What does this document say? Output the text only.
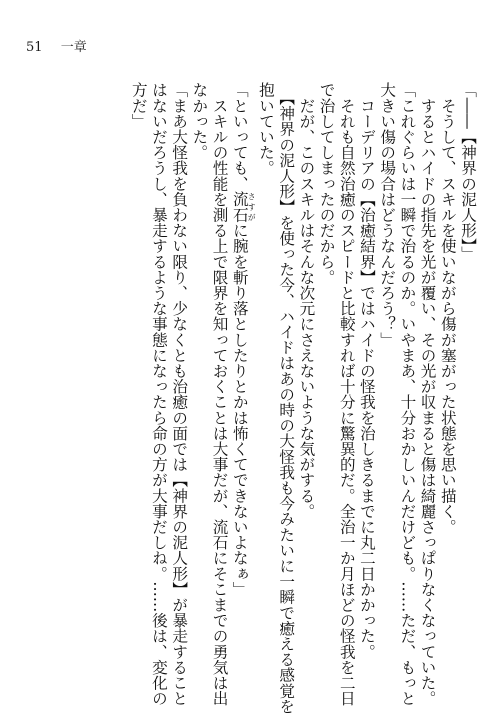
51 一章
「――【神界の泥人形】」
　そうして、スキルを使いながら傷が塞がった状態を思い描く。
　するとハイドの指先を光が覆い、その光が収まると傷は綺麗さっぱりなくなっていた。
「これぐらいは一瞬で治るのか。いやまあ、十分おかしいんだけども。……ただ、もっと
大きい傷の場合はどうなんだろう？」
　コーデリアの【治癒結界】ではハイドの怪我を治しきるまでに丸二日かかった。
　それも自然治癒のスピードと比較すれば十分に驚異的だ。全治一か月ほどの怪我を二日
で治してしまったのだから。
　だが、このスキルはそんな次元にさえないような気がする。
　【神界の泥人形】を使った今、ハイドはあの時の大怪我も今みたいに一瞬で癒える感覚を
抱いていた。
「といっても、流石さすがに腕を斬り落としたりとかは怖くてできないよなぁ」
　スキルの性能を測る上で限界を知っておくことは大事だが、流石にそこまでの勇気は出
なかった。
「まあ大怪我を負わない限り、少なくとも治癒の面では【神界の泥人形】が暴走すること
はないだろうし、暴走するような事態になったら命の方が大事だしね。……後は、変化の
方だ」
